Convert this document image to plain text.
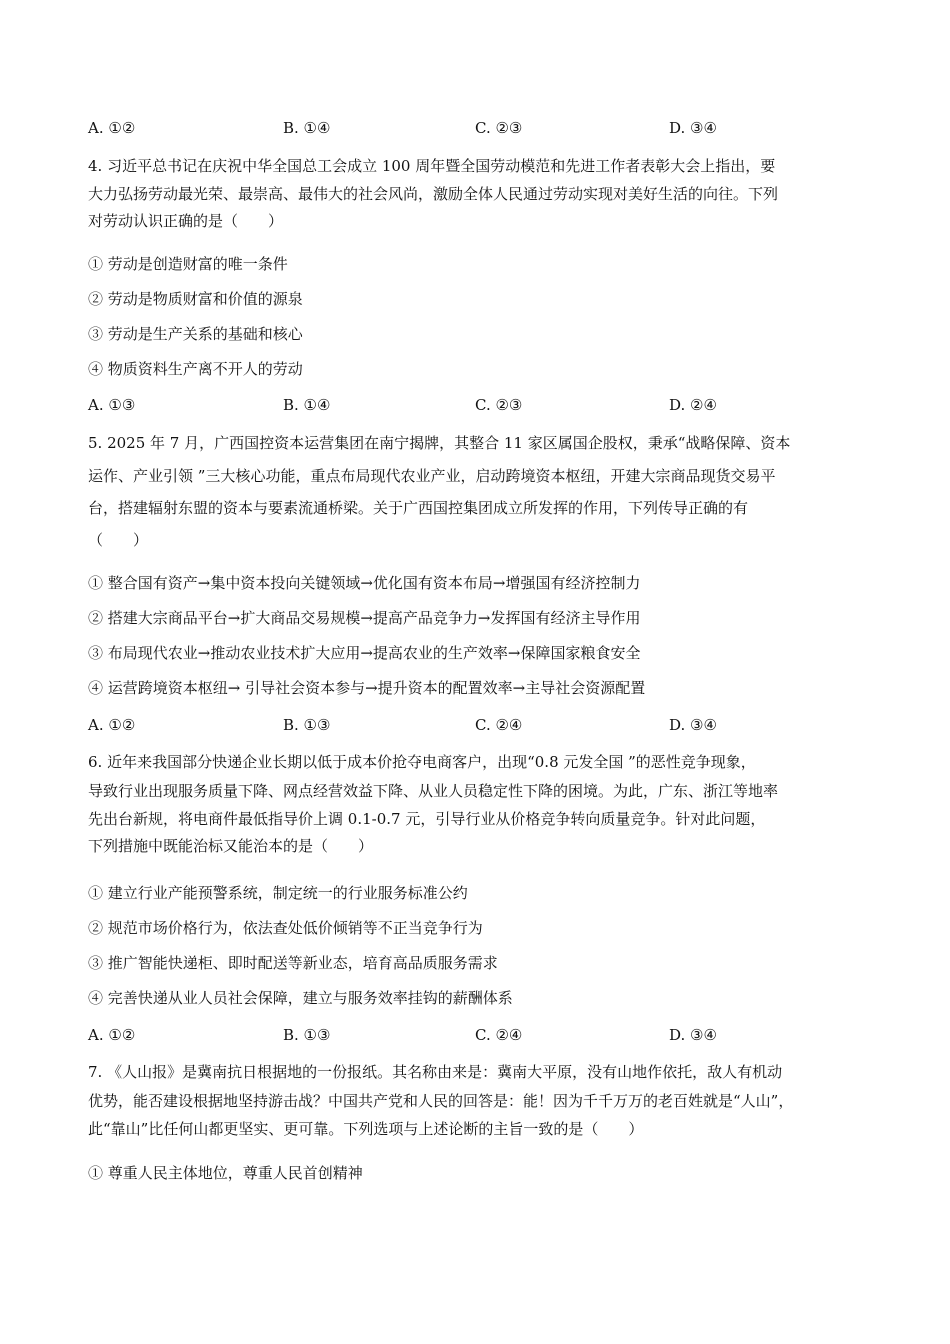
A. ①②	B. ①④	C. ②③	D. ③④
4. 习近平总书记在庆祝中华全国总工会成立 100 周年暨全国劳动模范和先进工作者表彰大会上指出，要
大力弘扬劳动最光荣、最崇高、最伟大的社会风尚，激励全体人民通过劳动实现对美好生活的向往。下列
对劳动认识正确的是（　　）
① 劳动是创造财富的唯一条件
② 劳动是物质财富和价值的源泉
③ 劳动是生产关系的基础和核心
④ 物质资料生产离不开人的劳动
A. ①③	B. ①④	C. ②③	D. ②④
5. 2025 年 7 月，广西国控资本运营集团在南宁揭牌，其整合 11 家区属国企股权，秉承“战略保障、资本
运作、产业引领 ”三大核心功能，重点布局现代农业产业，启动跨境资本枢纽，开建大宗商品现货交易平
台，搭建辐射东盟的资本与要素流通桥梁。关于广西国控集团成立所发挥的作用，下列传导正确的有
（　　）
① 整合国有资产→集中资本投向关键领域→优化国有资本布局→增强国有经济控制力
② 搭建大宗商品平台→扩大商品交易规模→提高产品竞争力→发挥国有经济主导作用
③ 布局现代农业→推动农业技术扩大应用→提高农业的生产效率→保障国家粮食安全
④ 运营跨境资本枢纽→ 引导社会资本参与→提升资本的配置效率→主导社会资源配置
A. ①②	B. ①③	C. ②④	D. ③④
6. 近年来我国部分快递企业长期以低于成本价抢夺电商客户，出现“0.8 元发全国 ”的恶性竞争现象，
导致行业出现服务质量下降、网点经营效益下降、从业人员稳定性下降的困境。为此，广东、浙江等地率
先出台新规，将电商件最低指导价上调 0.1-0.7 元，引导行业从价格竞争转向质量竞争。针对此问题，
下列措施中既能治标又能治本的是（　　）
① 建立行业产能预警系统，制定统一的行业服务标准公约
② 规范市场价格行为，依法查处低价倾销等不正当竞争行为
③ 推广智能快递柜、即时配送等新业态，培育高品质服务需求
④ 完善快递从业人员社会保障，建立与服务效率挂钩的薪酬体系
A. ①②	B. ①③	C. ②④	D. ③④
7. 《人山报》是冀南抗日根据地的一份报纸。其名称由来是：冀南大平原，没有山地作依托，敌人有机动
优势，能否建设根据地坚持游击战？中国共产党和人民的回答是：能！因为千千万万的老百姓就是“人山”，
此“靠山”比任何山都更坚实、更可靠。下列选项与上述论断的主旨一致的是（　　）
① 尊重人民主体地位，尊重人民首创精神
